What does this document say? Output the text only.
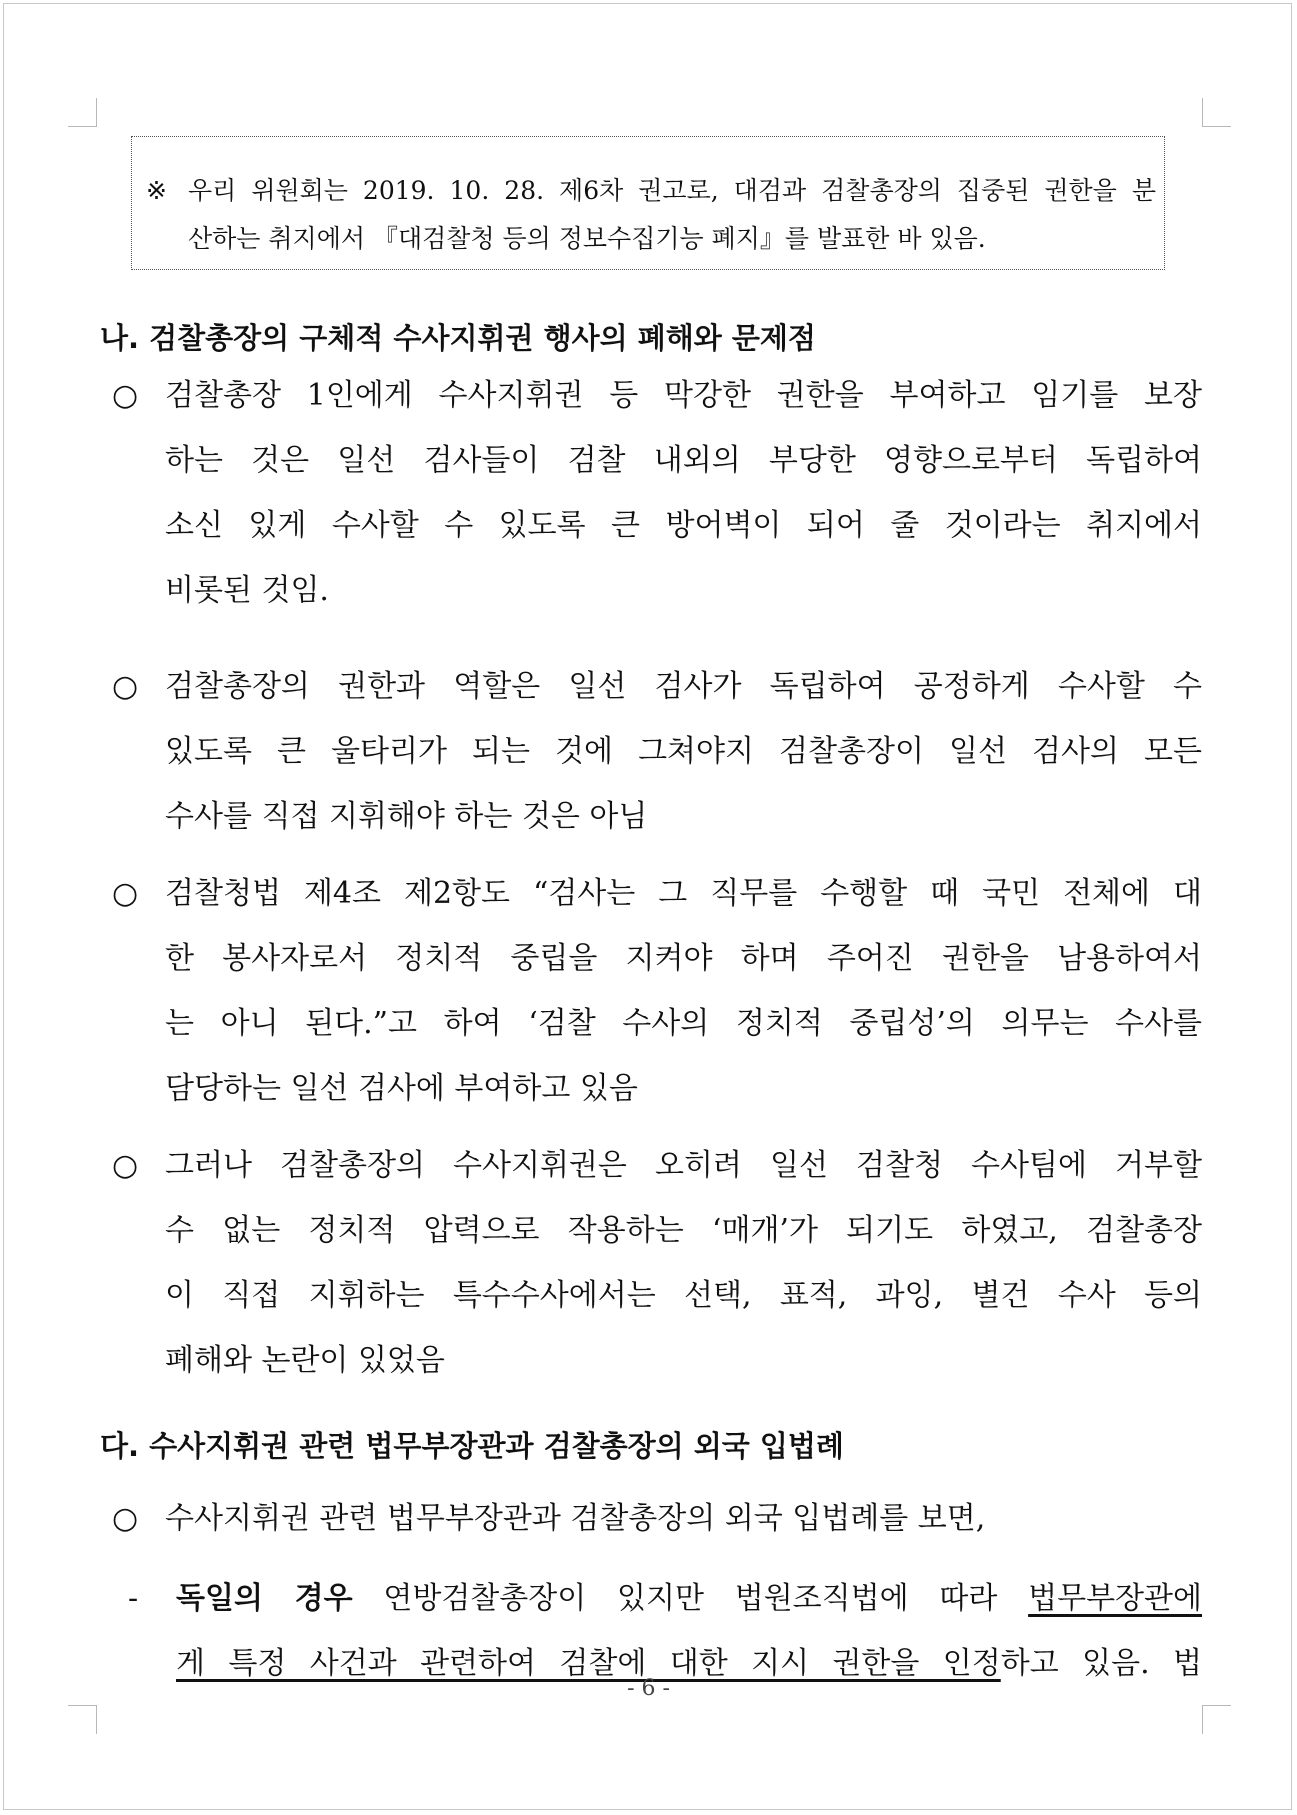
※ 우리 위원회는 2019. 10. 28. 제6차 권고로, 대검과 검찰총장의 집중된 권한을 분
산하는 취지에서 『대검찰청 등의 정보수집기능 폐지』를 발표한 바 있음.
나. 검찰총장의 구체적 수사지휘권 행사의 폐해와 문제점
○ 검찰총장 1인에게 수사지휘권 등 막강한 권한을 부여하고 임기를 보장
하는 것은 일선 검사들이 검찰 내외의 부당한 영향으로부터 독립하여
소신 있게 수사할 수 있도록 큰 방어벽이 되어 줄 것이라는 취지에서
비롯된 것임.
○ 검찰총장의 권한과 역할은 일선 검사가 독립하여 공정하게 수사할 수
있도록 큰 울타리가 되는 것에 그쳐야지 검찰총장이 일선 검사의 모든
수사를 직접 지휘해야 하는 것은 아님
○ 검찰청법 제4조 제2항도 “검사는 그 직무를 수행할 때 국민 전체에 대
한 봉사자로서 정치적 중립을 지켜야 하며 주어진 권한을 남용하여서
는 아니 된다.”고 하여 ‘검찰 수사의 정치적 중립성’의 의무는 수사를
담당하는 일선 검사에 부여하고 있음
○ 그러나 검찰총장의 수사지휘권은 오히려 일선 검찰청 수사팀에 거부할
수 없는 정치적 압력으로 작용하는 ‘매개’가 되기도 하였고, 검찰총장
이 직접 지휘하는 특수수사에서는 선택, 표적, 과잉, 별건 수사 등의
폐해와 논란이 있었음
다. 수사지휘권 관련 법무부장관과 검찰총장의 외국 입법례
○ 수사지휘권 관련 법무부장관과 검찰총장의 외국 입법례를 보면,
- 독일의 경우 연방검찰총장이 있지만 법원조직법에 따라 법무부장관에
게 특정 사건과 관련하여 검찰에 대한 지시 권한을 인정하고 있음. 법
- 6 -
